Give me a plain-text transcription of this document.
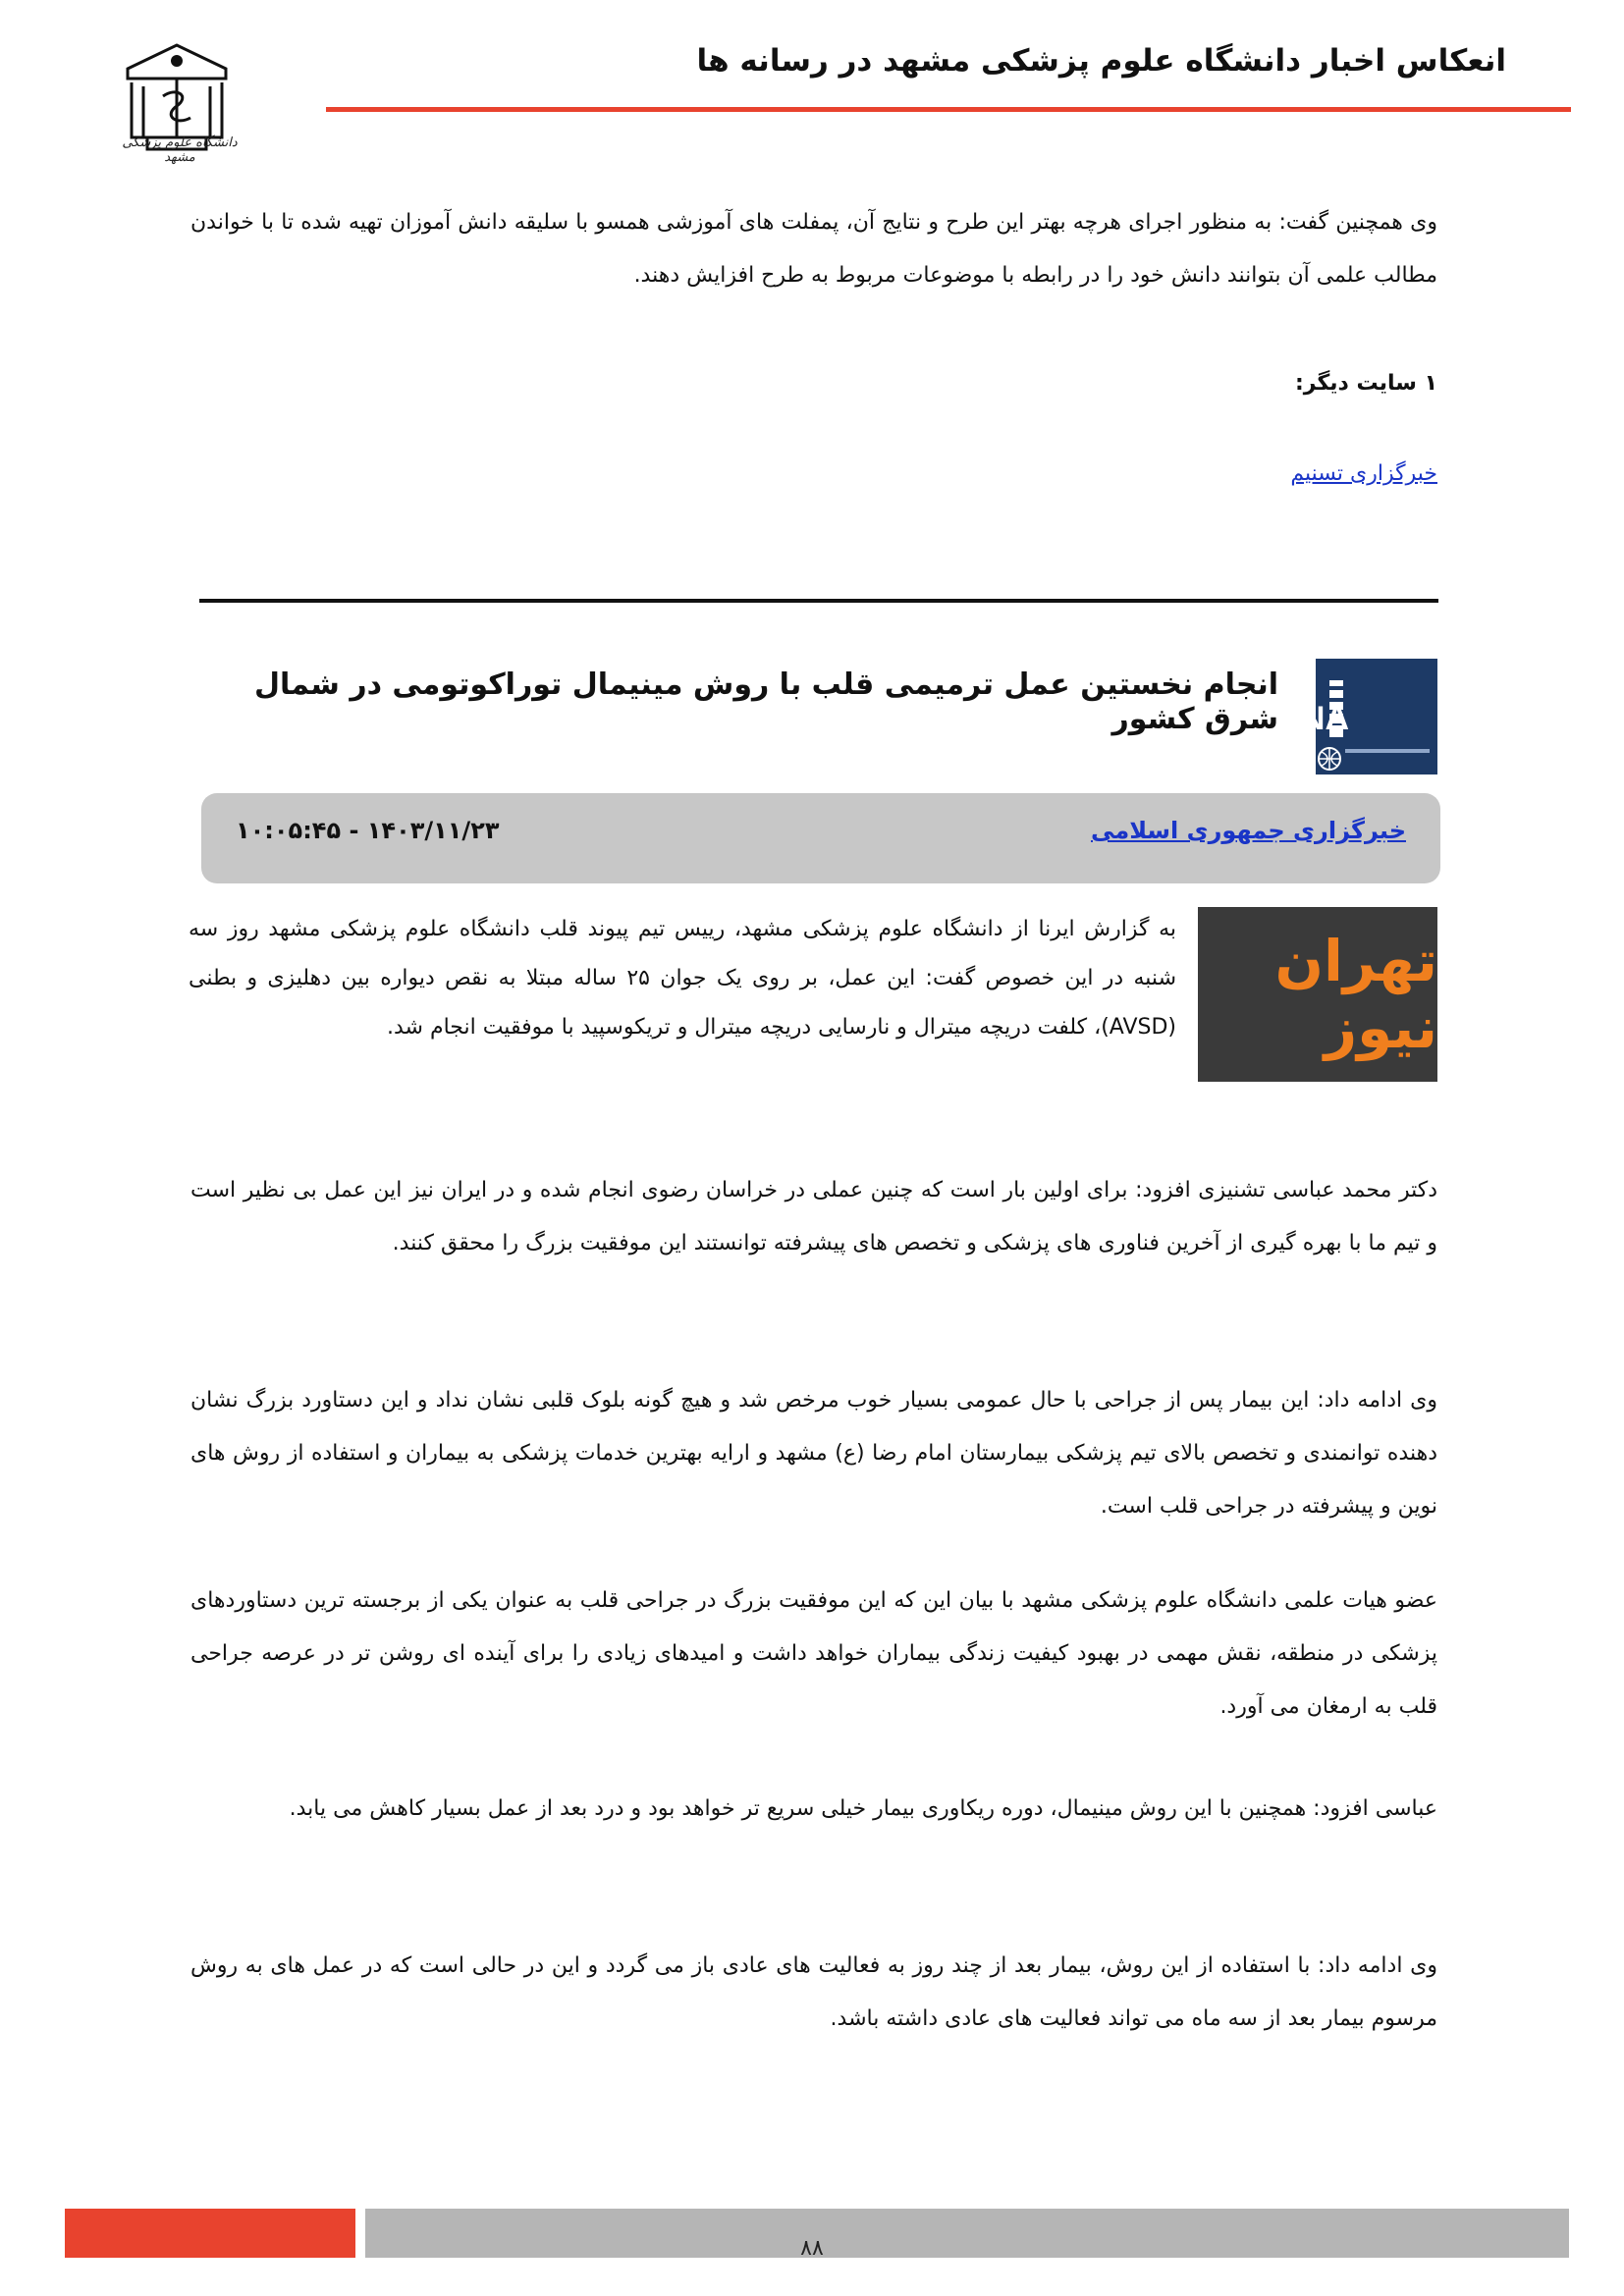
انعکاس اخبار دانشگاه علوم پزشکی مشهد در رسانه ها
دانشگاه علوم پزشکی مشهد
وی همچنین گفت: به منظور اجرای هرچه بهتر این طرح و نتایج آن، پمفلت های آموزشی همسو با سلیقه دانش آموزان تهیه شده تا با خواندن مطالب علمی آن بتوانند دانش خود را در رابطه با موضوعات مربوط به طرح افزایش دهند.
۱ سایت دیگر:
خبرگزاری تسنیم
IRNA
انجام نخستین عمل ترمیمی قلب با روش مینیمال توراکوتومی در شمال شرق کشور
خبرگزاری جمهوری اسلامی
۱۴۰۳/۱۱/۲۳ - ۱۰:۰۵:۴۵
تهران نیوز
به گزارش ایرنا از دانشگاه علوم پزشکی مشهد، رییس تیم پیوند قلب دانشگاه علوم پزشکی مشهد روز سه شنبه در این خصوص گفت: این عمل، بر روی یک جوان ۲۵ ساله مبتلا به نقص دیواره بین دهلیزی و بطنی (AVSD)، کلفت دریچه میترال و نارسایی دریچه میترال و تریکوسپید با موفقیت انجام شد.
دکتر محمد عباسی تشنیزی افزود: برای اولین بار است که چنین عملی در خراسان رضوی انجام شده و در ایران نیز این عمل بی نظیر است و تیم ما با بهره گیری از آخرین فناوری های پزشکی و تخصص های پیشرفته توانستند این موفقیت بزرگ را محقق کنند.
وی ادامه داد: این بیمار پس از جراحی با حال عمومی بسیار خوب مرخص شد و هیچ گونه بلوک قلبی نشان نداد و این دستاورد بزرگ نشان دهنده توانمندی و تخصص بالای تیم پزشکی بیمارستان امام رضا (ع) مشهد و ارایه بهترین خدمات پزشکی به بیماران و استفاده از روش های نوین و پیشرفته در جراحی قلب است.
عضو هیات علمی دانشگاه علوم پزشکی مشهد با بیان این که این موفقیت بزرگ در جراحی قلب به عنوان یکی از برجسته ترین دستاوردهای پزشکی در منطقه، نقش مهمی در بهبود کیفیت زندگی بیماران خواهد داشت و امیدهای زیادی را برای آینده ای روشن تر در عرصه جراحی قلب به ارمغان می آورد.
عباسی افزود: همچنین با این روش مینیمال، دوره ریکاوری بیمار خیلی سریع تر خواهد بود و درد بعد از عمل بسیار کاهش می یابد.
وی ادامه داد: با استفاده از این روش، بیمار بعد از چند روز به فعالیت های عادی باز می گردد و این در حالی است که در عمل های به روش مرسوم بیمار بعد از سه ماه می تواند فعالیت های عادی داشته باشد.
۸۸
